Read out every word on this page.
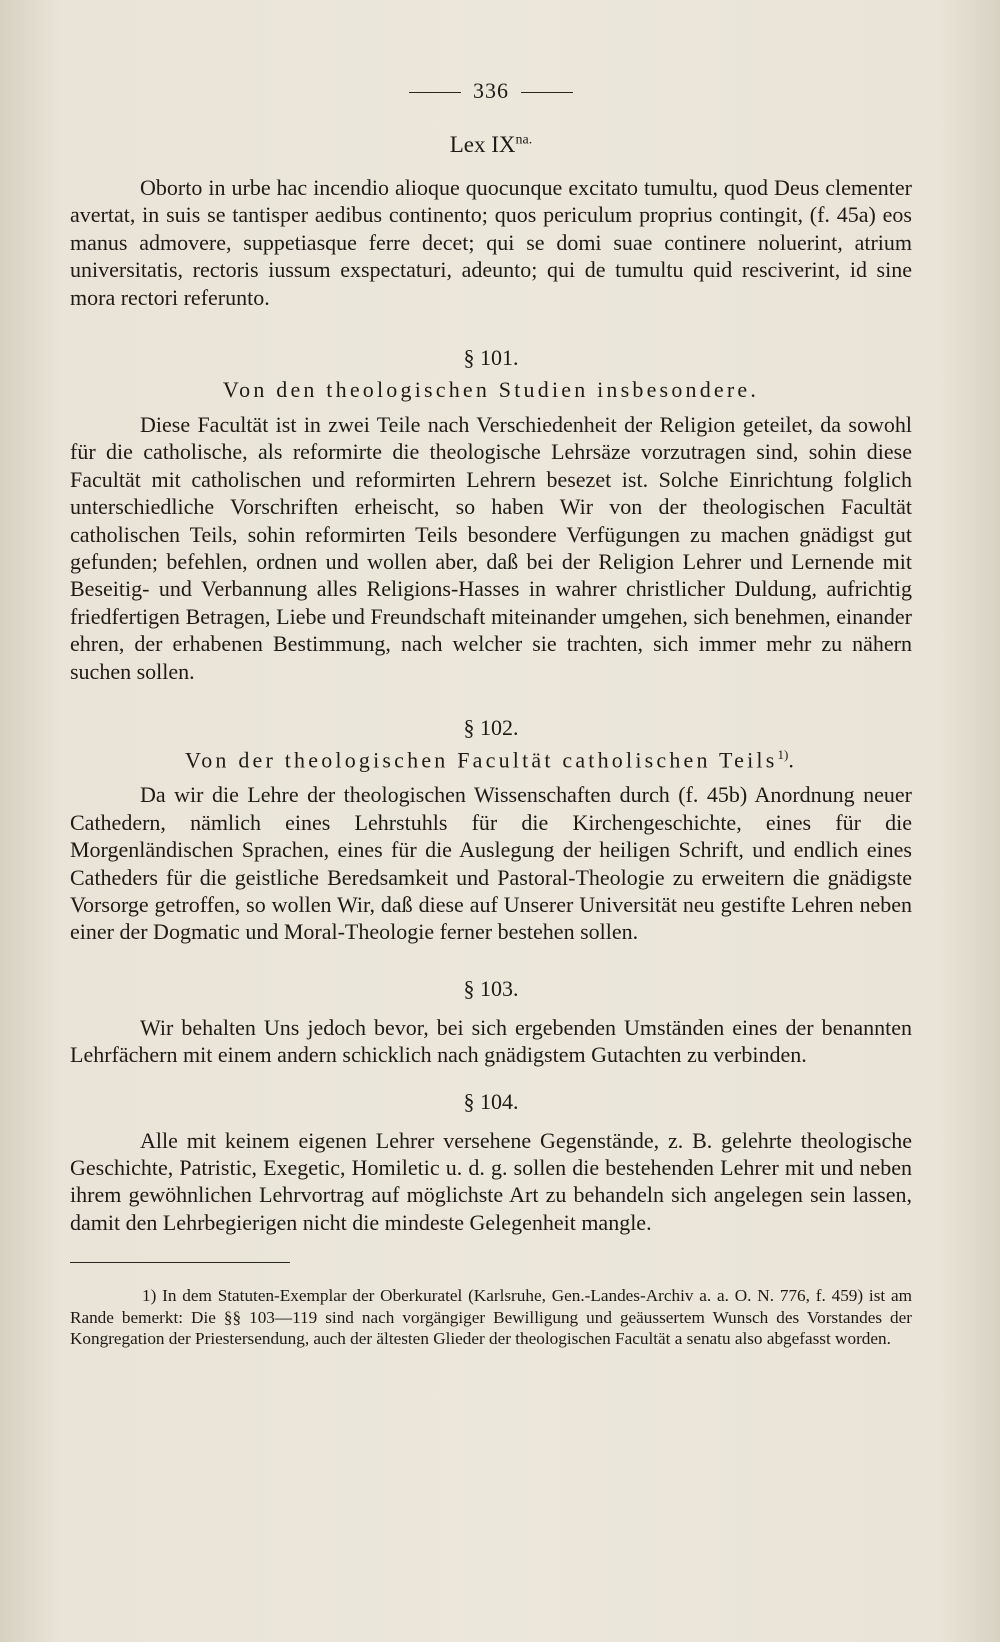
336
Lex $IX^{na.}$

Oborto in urbe hac incendio alioque quocunque excitato tumultu, quod Deus clementer avertat, in suis se tantisper aedibus continento; quos periculum proprius contingit, (f. 45a) eos manus admovere, suppetiasque ferre decet; qui se domi suae continere noluerint, atrium universitatis, rectoris iussum exspectaturi, adeunto; qui de tumultu quid resciverint, id sine mora rectori referunto.

§ 101.
Von den theologischen Studien insbesondere.

Diese Facultät ist in zwei Teile nach Verschiedenheit der Religion geteilet, da sowohl für die catholische, als reformirte die theologische Lehrsäze vorzutragen sind, sohin diese Facultät mit catholischen und reformirten Lehrern besezet ist. Solche Einrichtung folglich unterschiedliche Vorschriften erheischt, so haben Wir von der theologischen Facultät catholischen Teils, sohin reformirten Teils besondere Verfügungen zu machen gnädigst gut gefunden; befehlen, ordnen und wollen aber, daß bei der Religion Lehrer und Lernende mit Beseitig- und Verbannung alles Religions-Hasses in wahrer christlicher Duldung, aufrichtig friedfertigen Betragen, Liebe und Freundschaft miteinander umgehen, sich benehmen, einander ehren, der erhabenen Bestimmung, nach welcher sie trachten, sich immer mehr zu nähern suchen sollen.

§ 102.
Von der theologischen Facultät catholischen Teils$^{1)}$.

Da wir die Lehre der theologischen Wissenschaften durch (f. 45b) Anordnung neuer Cathedern, nämlich eines Lehrstuhls für die Kirchengeschichte, eines für die Morgenländischen Sprachen, eines für die Auslegung der heiligen Schrift, und endlich eines Catheders für die geistliche Beredsamkeit und Pastoral-Theologie zu erweitern die gnädigste Vorsorge getroffen, so wollen Wir, daß diese auf Unserer Universität neu gestifte Lehren neben einer der Dogmatic und Moral-Theologie ferner bestehen sollen.

§ 103.

Wir behalten Uns jedoch bevor, bei sich ergebenden Umständen eines der benannten Lehrfächern mit einem andern schicklich nach gnädigstem Gutachten zu verbinden.

§ 104.

Alle mit keinem eigenen Lehrer versehene Gegenstände, z. B. gelehrte theologische Geschichte, Patristic, Exegetic, Homiletic u. d. g. sollen die bestehenden Lehrer mit und neben ihrem gewöhnlichen Lehrvortrag auf möglichste Art zu behandeln sich angelegen sein lassen, damit den Lehrbegierigen nicht die mindeste Gelegenheit mangle.

1) In dem Statuten-Exemplar der Oberkuratel (Karlsruhe, Gen.-Landes-Archiv a. a. O. N. 776, f. 459) ist am Rande bemerkt: Die §§ 103—119 sind nach vorgängiger Bewilligung und geäussertem Wunsch des Vorstandes der Kongregation der Priestersendung, auch der ältesten Glieder der theologischen Facultät a senatu also abgefasst worden.
